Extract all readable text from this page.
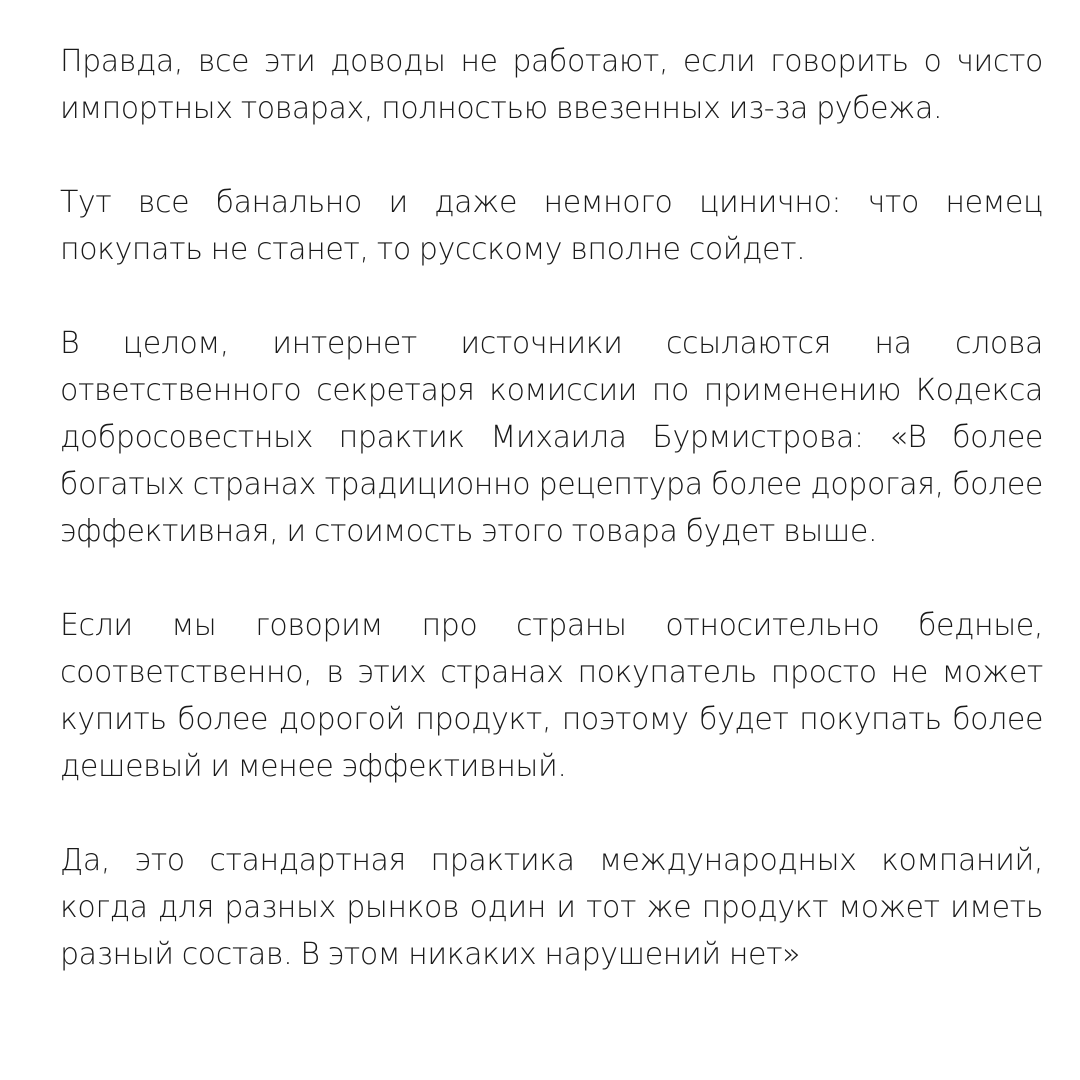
Правда, все эти доводы не работают, если говорить о чисто импортных товарах, полностью ввезенных из-за рубежа.

Тут все банально и даже немного цинично: что немец покупать не станет, то русскому вполне сойдет.

В целом, интернет источники ссылаются на слова ответственного секретаря комиссии по применению Кодекса добросовестных практик Михаила Бурмистрова: «В более богатых странах традиционно рецептура более дорогая, более эффективная, и стоимость этого товара будет выше.

Если мы говорим про страны относительно бедные, соответственно, в этих странах покупатель просто не может купить более дорогой продукт, поэтому будет покупать более дешевый и менее эффективный.

Да, это стандартная практика международных компаний, когда для разных рынков один и тот же продукт может иметь разный состав. В этом никаких нарушений нет»
